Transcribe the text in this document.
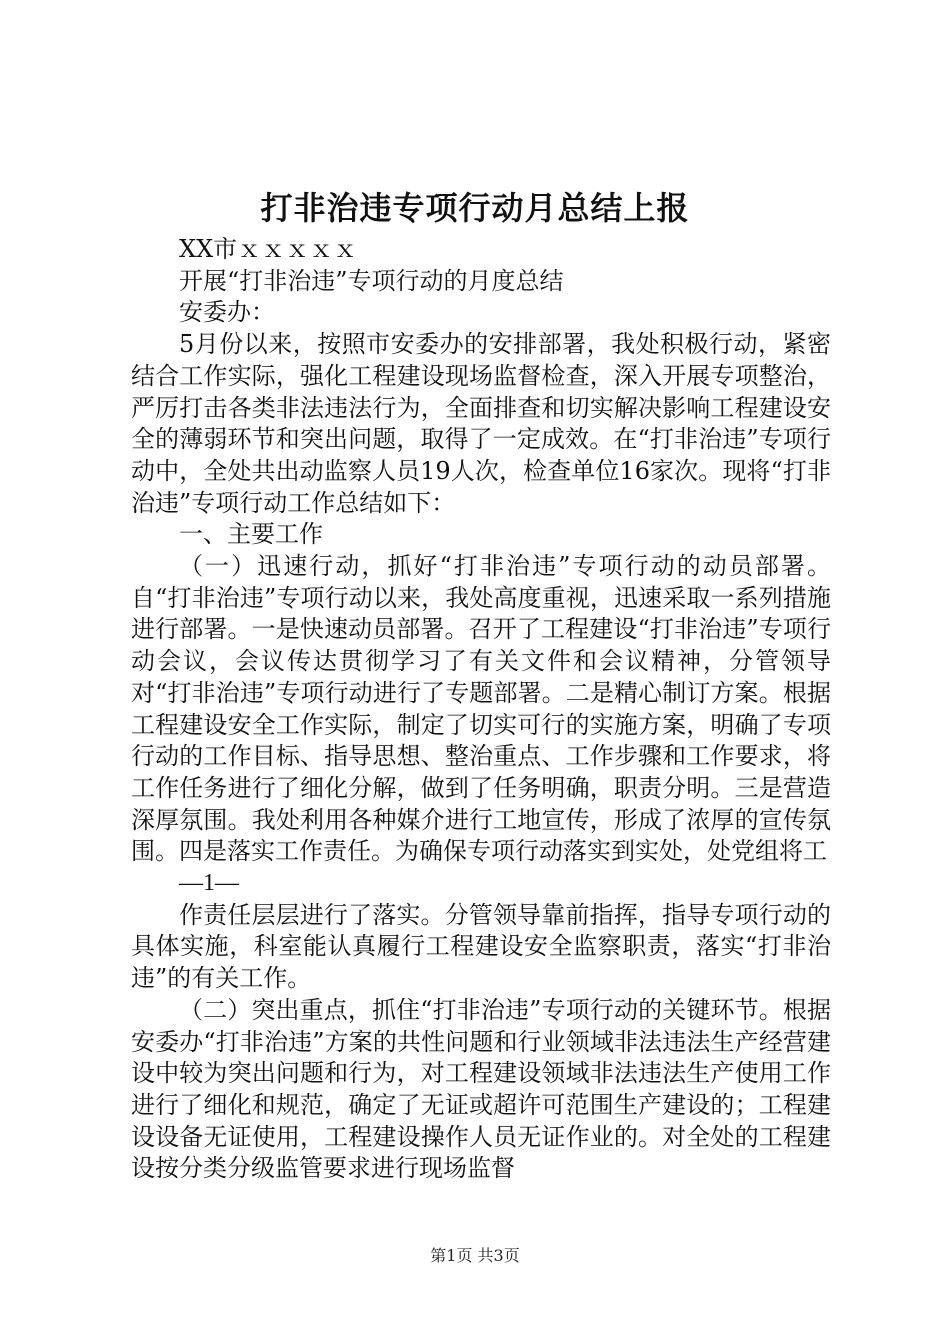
打非治违专项行动月总结上报

XX市ｘｘｘｘｘ

开展“打非治违”专项行动的月度总结

安委办：

5月份以来，按照市安委办的安排部署，我处积极行动，紧密结合工作实际，强化工程建设现场监督检查，深入开展专项整治，严厉打击各类非法违法行为，全面排查和切实解决影响工程建设安全的薄弱环节和突出问题，取得了一定成效。在“打非治违”专项行动中，全处共出动监察人员19人次，检查单位16家次。现将“打非治违”专项行动工作总结如下：

一、主要工作

（一）迅速行动，抓好“打非治违”专项行动的动员部署。自“打非治违”专项行动以来，我处高度重视，迅速采取一系列措施进行部署。一是快速动员部署。召开了工程建设“打非治违”专项行动会议，会议传达贯彻学习了有关文件和会议精神，分管领导对“打非治违”专项行动进行了专题部署。二是精心制订方案。根据工程建设安全工作实际，制定了切实可行的实施方案，明确了专项行动的工作目标、指导思想、整治重点、工作步骤和工作要求，将工作任务进行了细化分解，做到了任务明确，职责分明。三是营造深厚氛围。我处利用各种媒介进行工地宣传，形成了浓厚的宣传氛围。四是落实工作责任。为确保专项行动落实到实处，处党组将工

—1—

作责任层层进行了落实。分管领导靠前指挥，指导专项行动的具体实施，科室能认真履行工程建设安全监察职责，落实“打非治违”的有关工作。

（二）突出重点，抓住“打非治违”专项行动的关键环节。根据安委办“打非治违”方案的共性问题和行业领域非法违法生产经营建设中较为突出问题和行为，对工程建设领域非法违法生产使用工作进行了细化和规范，确定了无证或超许可范围生产建设的；工程建设设备无证使用，工程建设操作人员无证作业的。对全处的工程建设按分类分级监管要求进行现场监督

第1页 共3页
